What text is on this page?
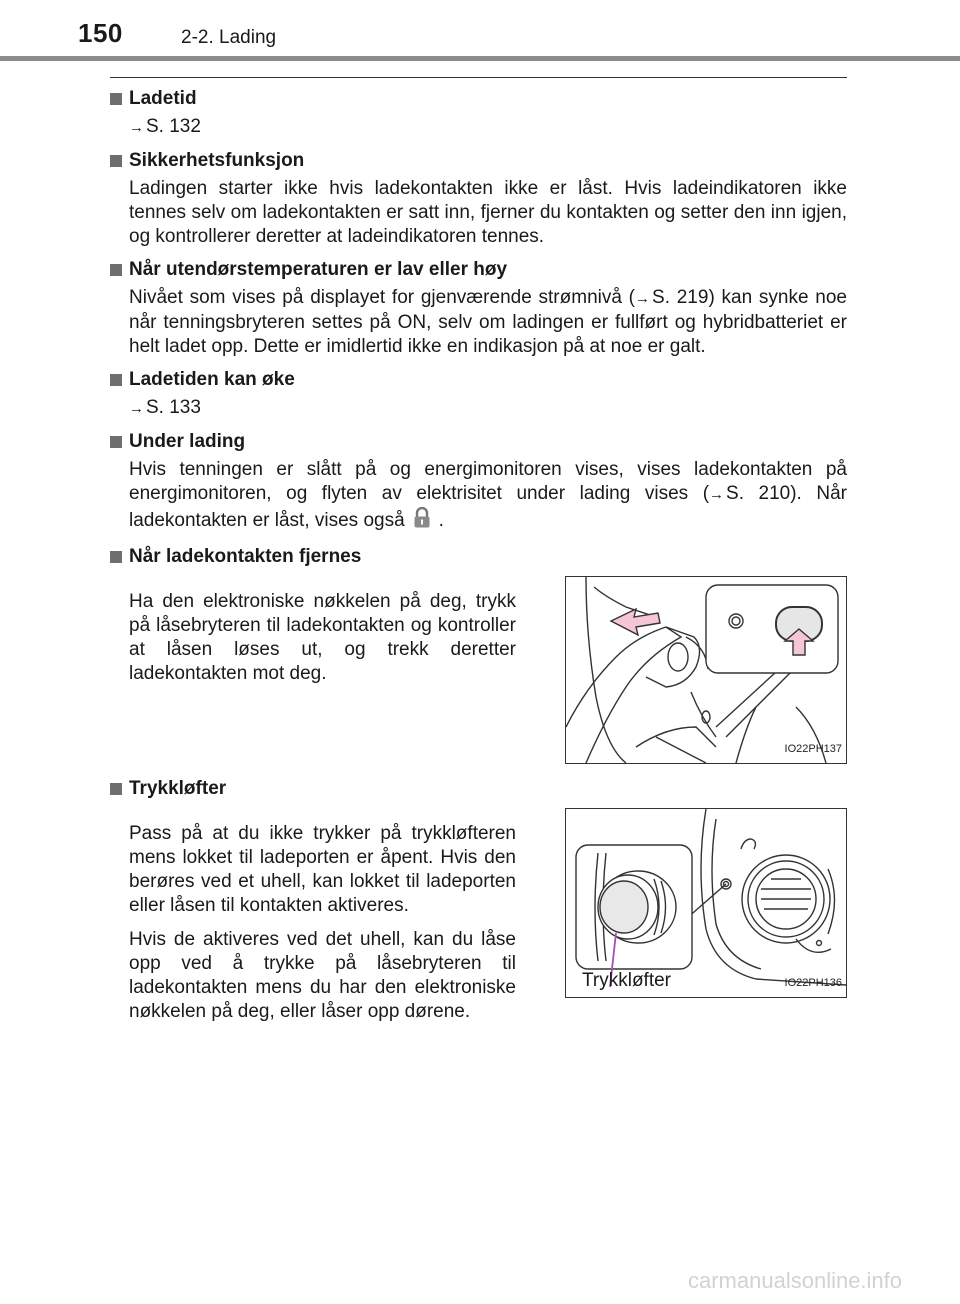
150	2-2. Lading
Ladetid
→ S. 132
Sikkerhetsfunksjon
Ladingen starter ikke hvis ladekontakten ikke er låst. Hvis ladeindikatoren ikke tennes selv om ladekontakten er satt inn, fjerner du kontakten og setter den inn igjen, og kontrollerer deretter at ladeindikatoren tennes.
Når utendørstemperaturen er lav eller høy
Nivået som vises på displayet for gjenværende strømnivå (→ S. 219) kan synke noe når tenningsbryteren settes på ON, selv om ladingen er fullført og hybridbatteriet er helt ladet opp. Dette er imidlertid ikke en indikasjon på at noe er galt.
Ladetiden kan øke
→ S. 133
Under lading
Hvis tenningen er slått på og energimonitoren vises, vises ladekontakten på energimonitoren, og flyten av elektrisitet under lading vises (→ S. 210). Når ladekontakten er låst, vises også .
Når ladekontakten fjernes
Ha den elektroniske nøkkelen på deg, trykk på låsebryteren til ladekontakten og kontroller at låsen løses ut, og trekk deretter ladekontakten mot deg.
IO22PH137
Trykkløfter

Pass på at du ikke trykker på trykkløfteren mens lokket til ladeporten er åpent. Hvis den berøres ved et uhell, kan lokket til ladeporten eller låsen til kontakten aktiveres.

Hvis de aktiveres ved det uhell, kan du låse opp ved å trykke på låsebryteren til ladekontakten mens du har den elektroniske nøkkelen på deg, eller låser opp dørene.

Trykkløfter	IO22PH136
carmanualsonline.info
